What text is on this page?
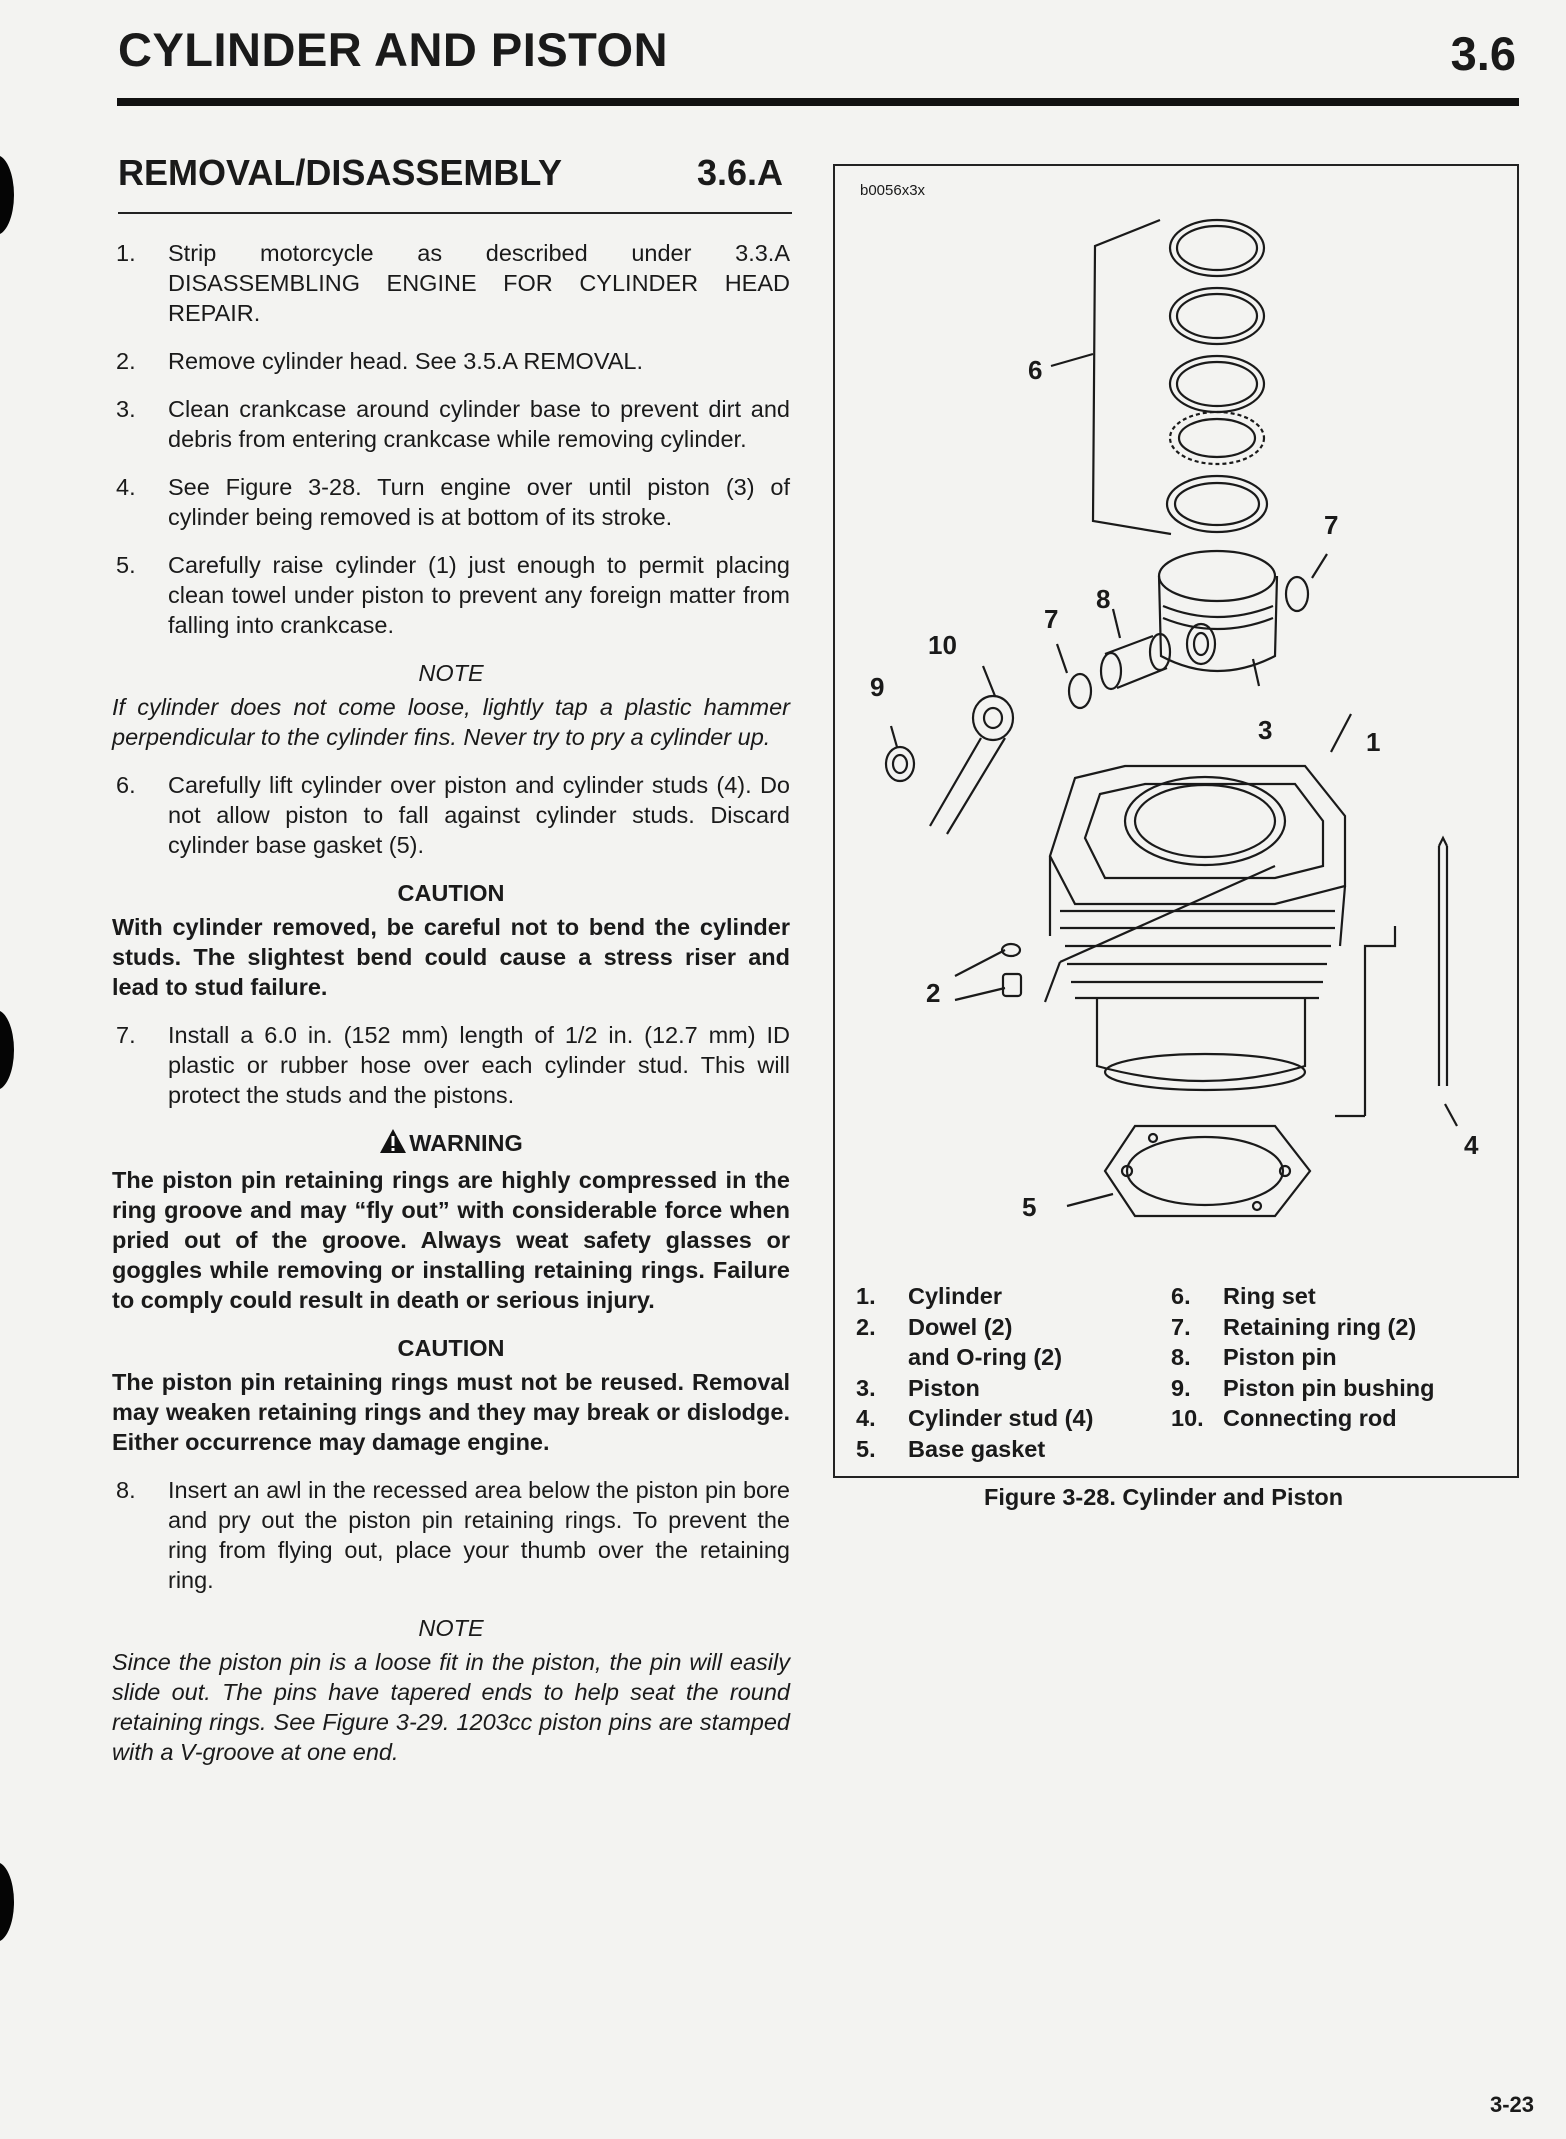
CYLINDER AND PISTON	3.6
REMOVAL/DISASSEMBLY	3.6.A
1.	Strip motorcycle as described under 3.3.A DISASSEMBLING ENGINE FOR CYLINDER HEAD REPAIR.
2.	Remove cylinder head. See 3.5.A REMOVAL.
3.	Clean crankcase around cylinder base to prevent dirt and debris from entering crankcase while removing cylinder.
4.	See Figure 3-28. Turn engine over until piston (3) of cylinder being removed is at bottom of its stroke.
5.	Carefully raise cylinder (1) just enough to permit placing clean towel under piston to prevent any foreign matter from falling into crankcase.
NOTE
If cylinder does not come loose, lightly tap a plastic hammer perpendicular to the cylinder fins. Never try to pry a cylinder up.
6.	Carefully lift cylinder over piston and cylinder studs (4). Do not allow piston to fall against cylinder studs. Discard cylinder base gasket (5).
CAUTION
With cylinder removed, be careful not to bend the cylinder studs. The slightest bend could cause a stress riser and lead to stud failure.
7.	Install a 6.0 in. (152 mm) length of 1/2 in. (12.7 mm) ID plastic or rubber hose over each cylinder stud. This will protect the studs and the pistons.
WARNING
The piston pin retaining rings are highly compressed in the ring groove and may “fly out” with considerable force when pried out of the groove. Always weat safety glasses or goggles while removing or installing retaining rings. Failure to comply could result in death or serious injury.
CAUTION
The piston pin retaining rings must not be reused. Removal may weaken retaining rings and they may break or dislodge. Either occurrence may damage engine.
8.	Insert an awl in the recessed area below the piston pin bore and pry out the piston pin retaining rings. To prevent the ring from flying out, place your thumb over the retaining ring.
NOTE
Since the piston pin is a loose fit in the piston, the pin will easily slide out. The pins have tapered ends to help seat the round retaining rings. See Figure 3-29. 1203cc piston pins are stamped with a V-groove at one end.
b0056x3x
6
7
8
7
10
9
3	1
2
4
5
1.	Cylinder
2.	Dowel (2)
and O-ring (2)
3.	Piston
4.	Cylinder stud (4)
5.	Base gasket
6.	Ring set
7.	Retaining ring (2)
8.	Piston pin
9.	Piston pin bushing
10. Connecting rod
Figure 3-28. Cylinder and Piston
3-23
